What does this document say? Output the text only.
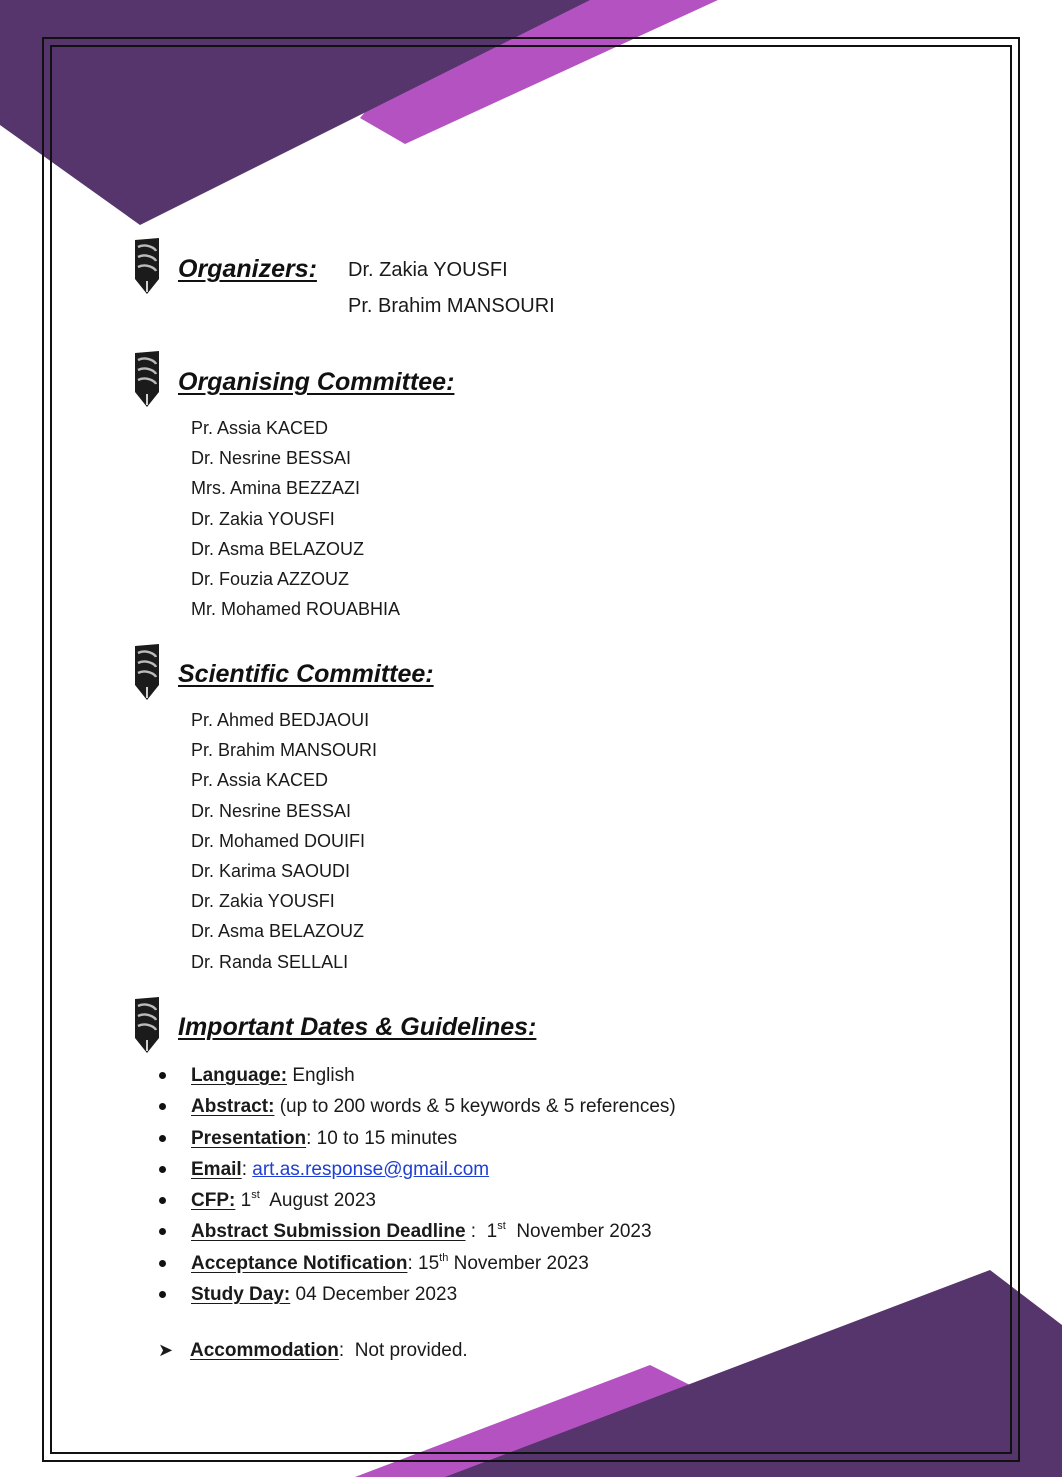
Organizers: Dr. Zakia YOUSFI
Pr. Brahim MANSOURI
Organising Committee:
Pr. Assia KACED
Dr. Nesrine BESSAI
Mrs. Amina BEZZAZI
Dr. Zakia YOUSFI
Dr. Asma BELAZOUZ
Dr. Fouzia AZZOUZ
Mr. Mohamed ROUABHIA
Scientific Committee:
Pr. Ahmed BEDJAOUI
Pr. Brahim MANSOURI
Pr. Assia KACED
Dr. Nesrine BESSAI
Dr. Mohamed DOUIFI
Dr. Karima SAOUDI
Dr. Zakia YOUSFI
Dr. Asma BELAZOUZ
Dr. Randa SELLALI
Important Dates & Guidelines:
Language: English
Abstract: (up to 200 words & 5 keywords & 5 references)
Presentation: 10 to 15 minutes
Email: art.as.response@gmail.com
CFP: 1st  August 2023
Abstract Submission Deadline :  1st  November 2023
Acceptance Notification: 15th November 2023
Study Day: 04 December 2023
➤ Accommodation:  Not provided.
